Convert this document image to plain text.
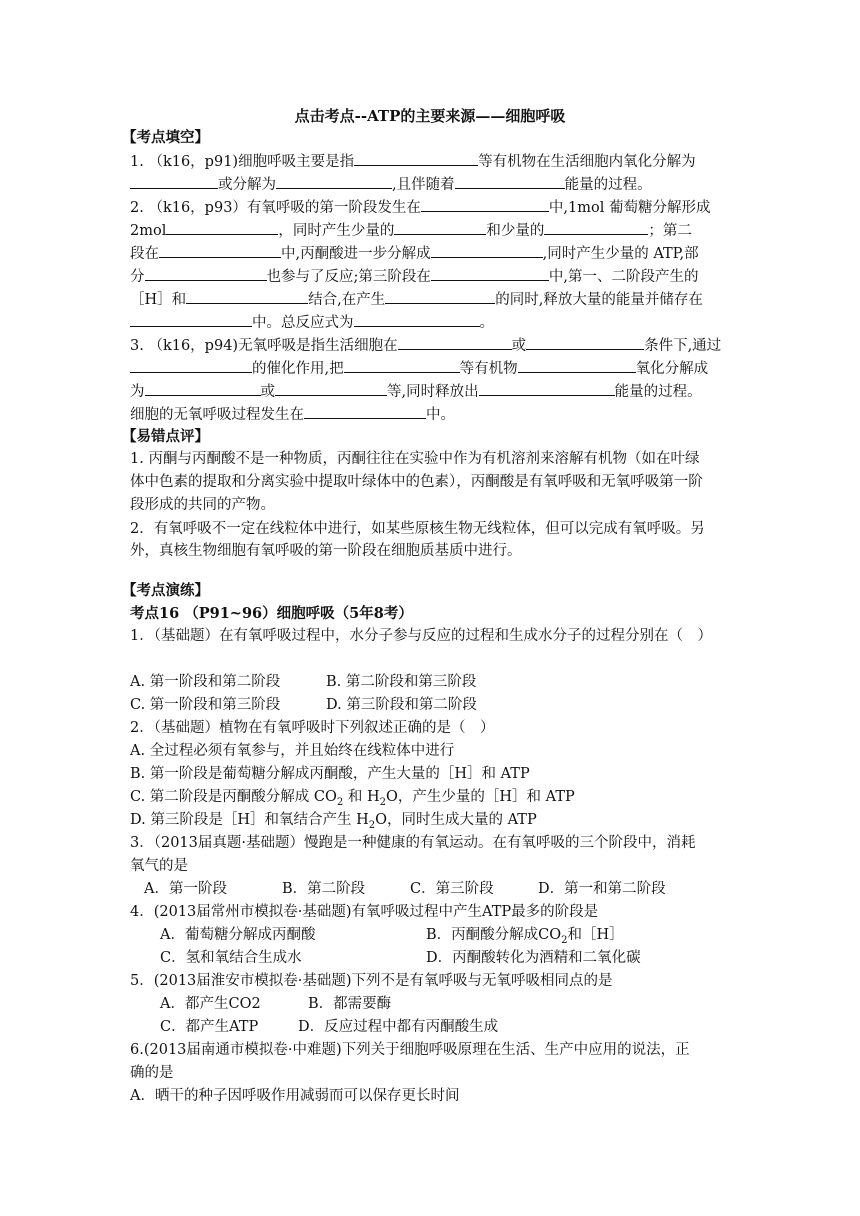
点击考点--ATP的主要来源——细胞呼吸
【考点填空】
1. （k16，p91)细胞呼吸主要是指	等有机物在生活细胞内氧化分解为
或分解为	,且伴随着	能量的过程。
2. （k16，p93）有氧呼吸的第一阶段发生在	中,1mol 葡萄糖分解形成
2mol	，同时产生少量的	和少量的	；第二
段在	中,丙酮酸进一步分解成	,同时产生少量的 ATP,部
分	也参与了反应;第三阶段在	中,第一、二阶段产生的
［H］和	结合,在产生	的同时,释放大量的能量并储存在
中。总反应式为	。
3. （k16，p94)无氧呼吸是指生活细胞在	或	条件下,通过
的催化作用,把	等有机物	氧化分解成
为	或	等,同时释放出	能量的过程。
细胞的无氧呼吸过程发生在	中。
【易错点评】
1. 丙酮与丙酮酸不是一种物质，丙酮往往在实验中作为有机溶剂来溶解有机物（如在叶绿
体中色素的提取和分离实验中提取叶绿体中的色素），丙酮酸是有氧呼吸和无氧呼吸第一阶
段形成的共同的产物。
2．有氧呼吸不一定在线粒体中进行，如某些原核生物无线粒体，但可以完成有氧呼吸。另
外，真核生物细胞有氧呼吸的第一阶段在细胞质基质中进行。
【考点演练】
考点16 （P91~96）细胞呼吸（5年8考）
1．（基础题）在有氧呼吸过程中，水分子参与反应的过程和生成水分子的过程分别在（　）
A. 第一阶段和第二阶段	B. 第二阶段和第三阶段
C. 第一阶段和第三阶段	D. 第三阶段和第二阶段
2．（基础题）植物在有氧呼吸时下列叙述正确的是（　）
A. 全过程必须有氧参与，并且始终在线粒体中进行
B. 第一阶段是葡萄糖分解成丙酮酸，产生大量的［H］和 ATP
C. 第二阶段是丙酮酸分解成 $CO_2$ 和 $H_2O$，产生少量的［H］和 ATP
D. 第三阶段是［H］和氧结合产生 $H_2O$，同时生成大量的 ATP
3．（2013届真题·基础题）慢跑是一种健康的有氧运动。在有氧呼吸的三个阶段中，消耗
氧气的是
A．第一阶段	B．第二阶段	C．第三阶段	D．第一和第二阶段
4．(2013届常州市模拟卷·基础题)有氧呼吸过程中产生ATP最多的阶段是
A．葡萄糖分解成丙酮酸	B．丙酮酸分解成$CO_2$和［H］
C．氢和氧结合生成水	D．丙酮酸转化为酒精和二氧化碳
5．(2013届淮安市模拟卷·基础题)下列不是有氧呼吸与无氧呼吸相同点的是
A．都产生CO2	B．都需要酶
C．都产生ATP	D．反应过程中都有丙酮酸生成
6.(2013届南通市模拟卷·中难题)下列关于细胞呼吸原理在生活、生产中应用的说法，正
确的是
A．晒干的种子因呼吸作用减弱而可以保存更长时间
